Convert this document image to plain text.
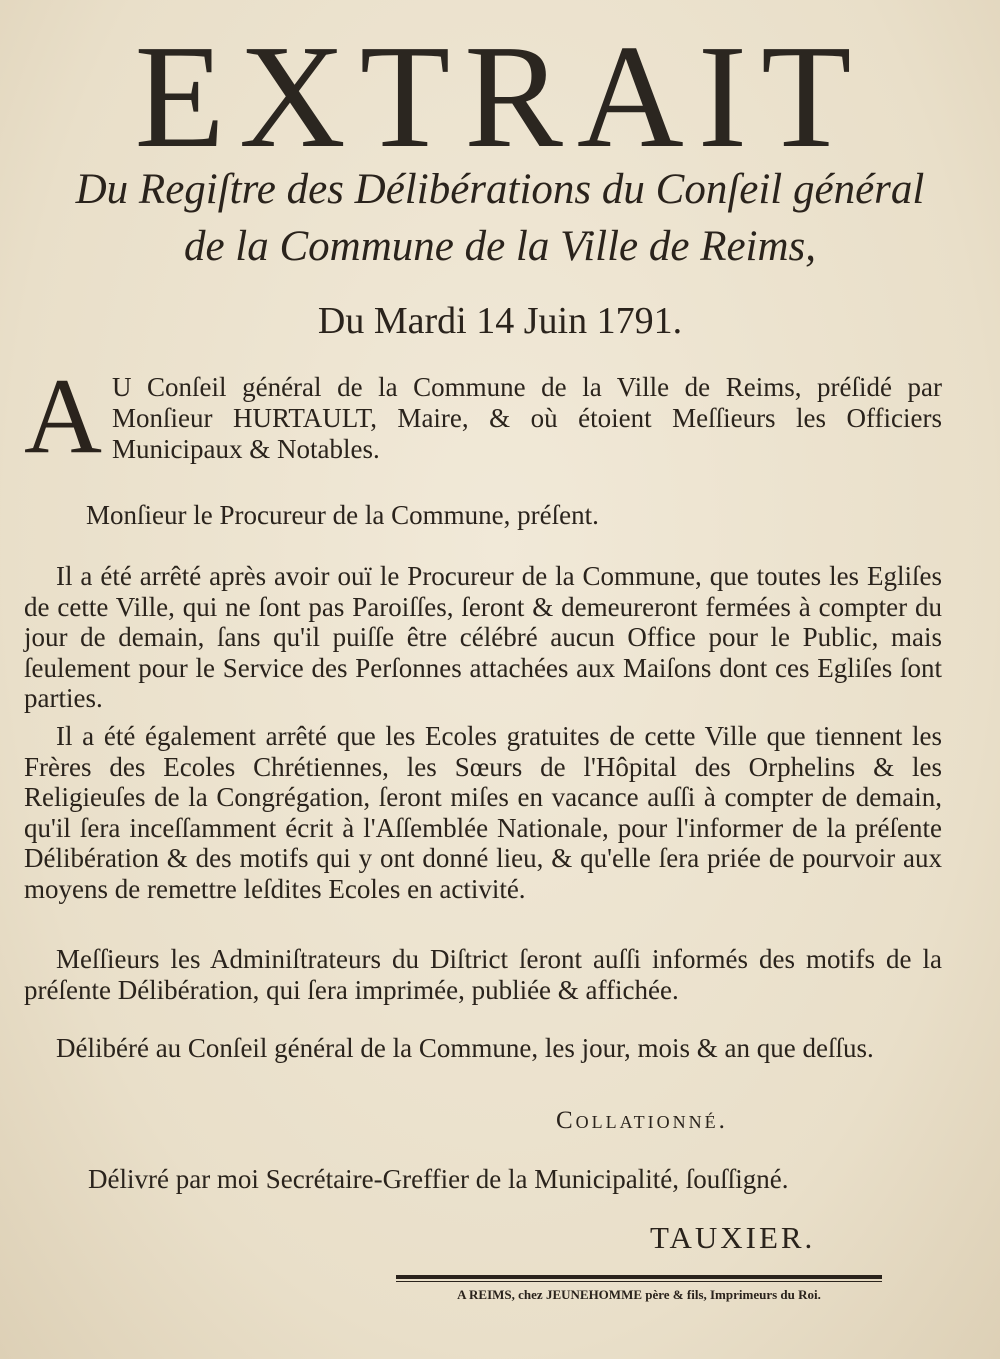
EXTRAIT
Du Regiſtre des Délibérations du Conſeil général
de la Commune de la Ville de Reims,
Du Mardi 14 Juin 1791.
A U Conſeil général de la Commune de la Ville de Reims, préſidé par Monſieur HURTAULT, Maire, & où étoient Meſſieurs les Officiers Municipaux & Notables.

Monſieur le Procureur de la Commune, préſent.

Il a été arrêté après avoir ouï le Procureur de la Commune, que toutes les Egliſes de cette Ville, qui ne ſont pas Paroiſſes, ſeront & demeureront fermées à compter du jour de demain, ſans qu'il puiſſe être célébré aucun Office pour le Public, mais ſeulement pour le Service des Perſonnes attachées aux Maiſons dont ces Egliſes ſont parties.

Il a été également arrêté que les Ecoles gratuites de cette Ville que tiennent les Frères des Ecoles Chrétiennes, les Sœurs de l'Hôpital des Orphelins & les Religieuſes de la Congrégation, ſeront miſes en vacance auſſi à compter de demain, qu'il ſera inceſſamment écrit à l'Aſſemblée Nationale, pour l'informer de la préſente Délibération & des motifs qui y ont donné lieu, & qu'elle ſera priée de pourvoir aux moyens de remettre leſdites Ecoles en activité.

Meſſieurs les Adminiſtrateurs du Diſtrict ſeront auſſi informés des motifs de la préſente Délibération, qui ſera imprimée, publiée & affichée.

Délibéré au Conſeil général de la Commune, les jour, mois & an que deſſus.

Collationné.
Délivré par moi Secrétaire-Greffier de la Municipalité, ſouſſigné.
TAUXIER.
A REIMS, chez JEUNEHOMME père & fils, Imprimeurs du Roi.
